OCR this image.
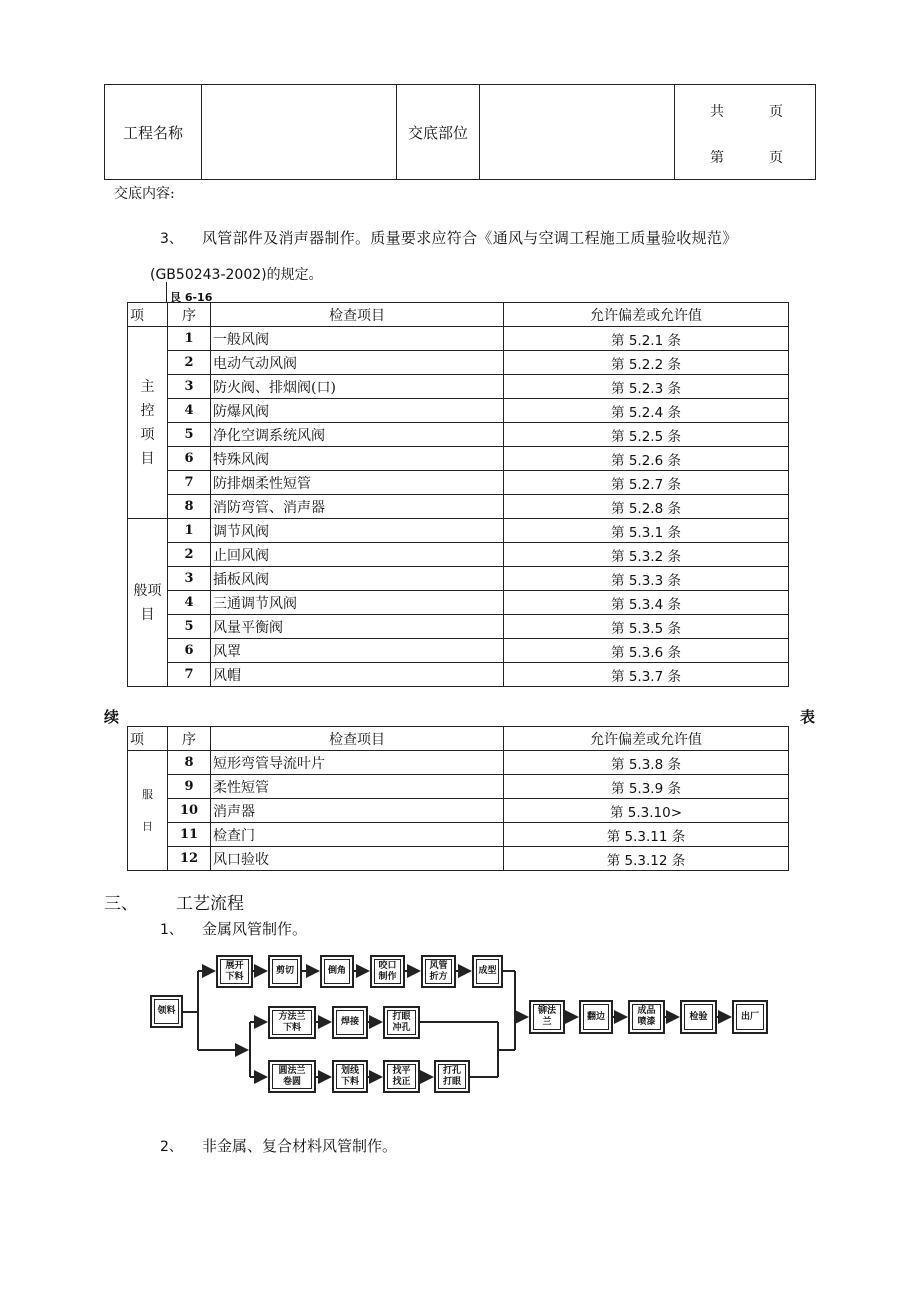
工程名称		交底部位		
共	页
第	页
交底内容:
3、 风管部件及消声器制作。质量要求应符合《通风与空调工程施工质量验收规范》
(GB50243-2002)的规定。
艮 6-16
项	序	检查项目	允许偏差或允许值

主
控
项
目	1	一般风阀	第 5.2.1 条
	2	电动气动风阀	第 5.2.2 条
	3	防火阀、排烟阀(口)	第 5.2.3 条
	4	防爆风阀	第 5.2.4 条
	5	净化空调系统风阀	第 5.2.5 条
	6	特殊风阀	第 5.2.6 条
	7	防排烟柔性短管	第 5.2.7 条
	8	消防弯管、消声器	第 5.2.8 条

般项
目	1	调节风阀	第 5.3.1 条
	2	止回风阀	第 5.3.2 条
	3	插板风阀	第 5.3.3 条
	4	三通调节风阀	第 5.3.4 条
	5	风量平衡阀	第 5.3.5 条
	6	风罩	第 5.3.6 条
	7	风帽	第 5.3.7 条
续	表
项	序	检查项目	允许偏差或允许值

服
日	8	短形弯管导流叶片	第 5.3.8 条
	9	柔性短管	第 5.3.9 条
	10	消声器	第 5.3.10>
	11	检查门	第 5.3.11 条
	12	风口验收	第 5.3.12 条
三、 工艺流程
1、 金属风管制作。
领料
展开
下料
剪切	倒角
咬口
制作
风管
折方
成型
方法兰
下料
焊接
打眼
冲孔
圆法兰
卷圆
划线
下料
找平
找正
打孔
打眼
铆法
兰
翻边
成品
喷漆
检验	出厂
2、 非金属、复合材料风管制作。
